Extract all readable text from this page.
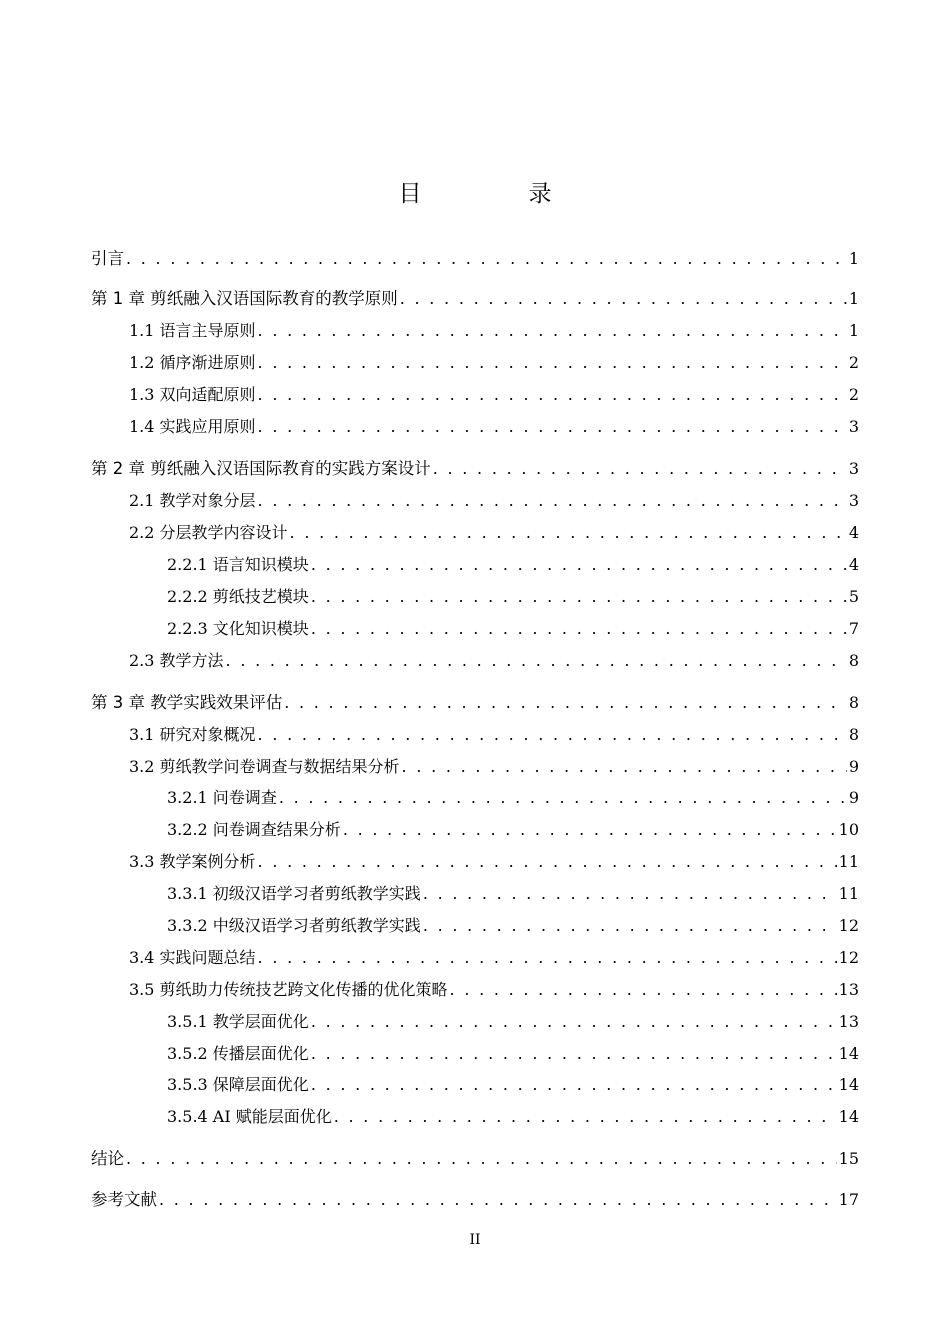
目　录
引言 . . .	1
第 1 章 剪纸融入汉语国际教育的教学原则 . . .	1
1.1 语言主导原则 . . .	1
1.2 循序渐进原则 . . .	2
1.3 双向适配原则 . . .	2
1.4 实践应用原则 . . .	3
第 2 章 剪纸融入汉语国际教育的实践方案设计 . . .	3
2.1 教学对象分层 . . .	3
2.2 分层教学内容设计 . . .	4
2.2.1 语言知识模块 . . .	4
2.2.2 剪纸技艺模块 . . .	5
2.2.3 文化知识模块 . . .	7
2.3 教学方法 . . .	8
第 3 章 教学实践效果评估 . . .	8
3.1 研究对象概况 . . .	8
3.2 剪纸教学问卷调查与数据结果分析 . . .	9
3.2.1 问卷调查 . . .	9
3.2.2 问卷调查结果分析 . . .	10
3.3 教学案例分析 . . .	11
3.3.1 初级汉语学习者剪纸教学实践 . . .	11
3.3.2 中级汉语学习者剪纸教学实践 . . .	12
3.4 实践问题总结 . . .	12
3.5 剪纸助力传统技艺跨文化传播的优化策略 . . .	13
3.5.1 教学层面优化 . . .	13
3.5.2 传播层面优化 . . .	14
3.5.3 保障层面优化 . . .	14
3.5.4 AI 赋能层面优化 . . .	14
结论 . . .	15
参考文献 . . .	17
II
